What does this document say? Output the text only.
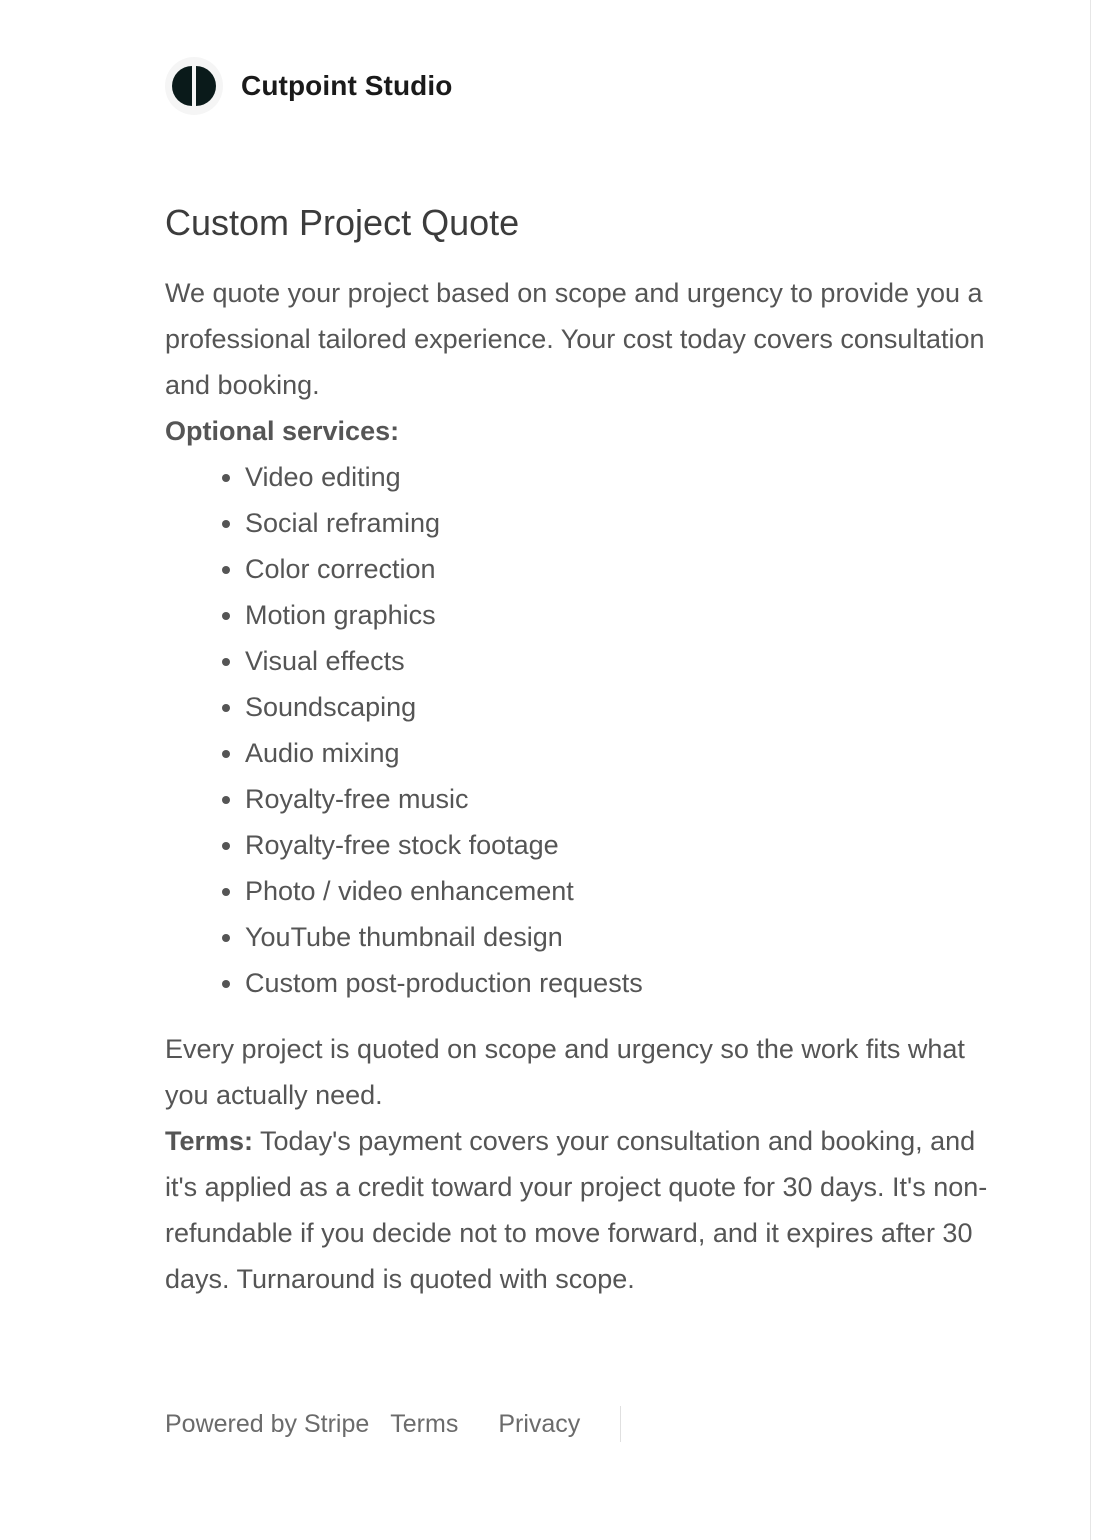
Cutpoint Studio
Custom Project Quote

We quote your project based on scope and urgency to provide you a professional tailored experience. Your cost today covers consultation and booking.

Optional services:

• Video editing
• Social reframing
• Color correction
• Motion graphics
• Visual effects
• Soundscaping
• Audio mixing
• Royalty-free music
• Royalty-free stock footage
• Photo / video enhancement
• YouTube thumbnail design
• Custom post-production requests

Every project is quoted on scope and urgency so the work fits what you actually need.

Terms: Today's payment covers your consultation and booking, and it's applied as a credit toward your project quote for 30 days. It's non-refundable if you decide not to move forward, and it expires after 30 days. Turnaround is quoted with scope.

Powered by Stripe Terms Privacy
